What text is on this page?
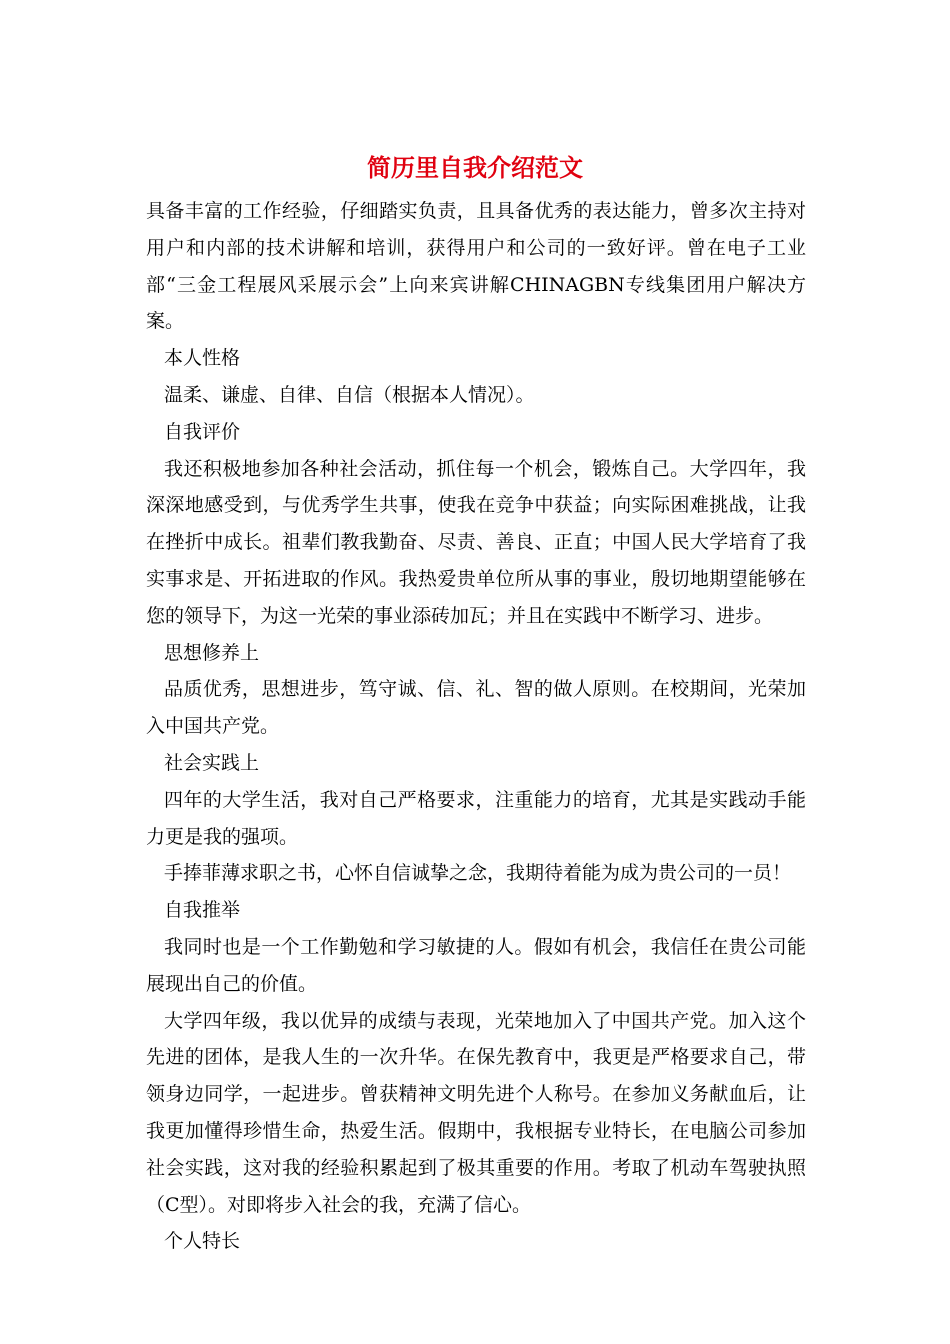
简历里自我介绍范文

具备丰富的工作经验，仔细踏实负责，且具备优秀的表达能力，曾多次主持对用户和内部的技术讲解和培训，获得用户和公司的一致好评。曾在电子工业部“三金工程展风采展示会”上向来宾讲解CHINAGBN专线集团用户解决方案。

本人性格

温柔、谦虚、自律、自信（根据本人情况）。

自我评价

我还积极地参加各种社会活动，抓住每一个机会，锻炼自己。大学四年，我深深地感受到，与优秀学生共事，使我在竞争中获益；向实际困难挑战，让我在挫折中成长。祖辈们教我勤奋、尽责、善良、正直；中国人民大学培育了我实事求是、开拓进取的作风。我热爱贵单位所从事的事业，殷切地期望能够在您的领导下，为这一光荣的事业添砖加瓦；并且在实践中不断学习、进步。

思想修养上

品质优秀，思想进步，笃守诚、信、礼、智的做人原则。在校期间，光荣加入中国共产党。

社会实践上

四年的大学生活，我对自己严格要求，注重能力的培育，尤其是实践动手能力更是我的强项。

手捧菲薄求职之书，心怀自信诚挚之念，我期待着能为成为贵公司的一员！

自我推举

我同时也是一个工作勤勉和学习敏捷的人。假如有机会，我信任在贵公司能展现出自己的价值。

大学四年级，我以优异的成绩与表现，光荣地加入了中国共产党。加入这个先进的团体，是我人生的一次升华。在保先教育中，我更是严格要求自己，带领身边同学，一起进步。曾获精神文明先进个人称号。在参加义务献血后，让我更加懂得珍惜生命，热爱生活。假期中，我根据专业特长，在电脑公司参加社会实践，这对我的经验积累起到了极其重要的作用。考取了机动车驾驶执照（C型）。对即将步入社会的我，充满了信心。

个人特长
